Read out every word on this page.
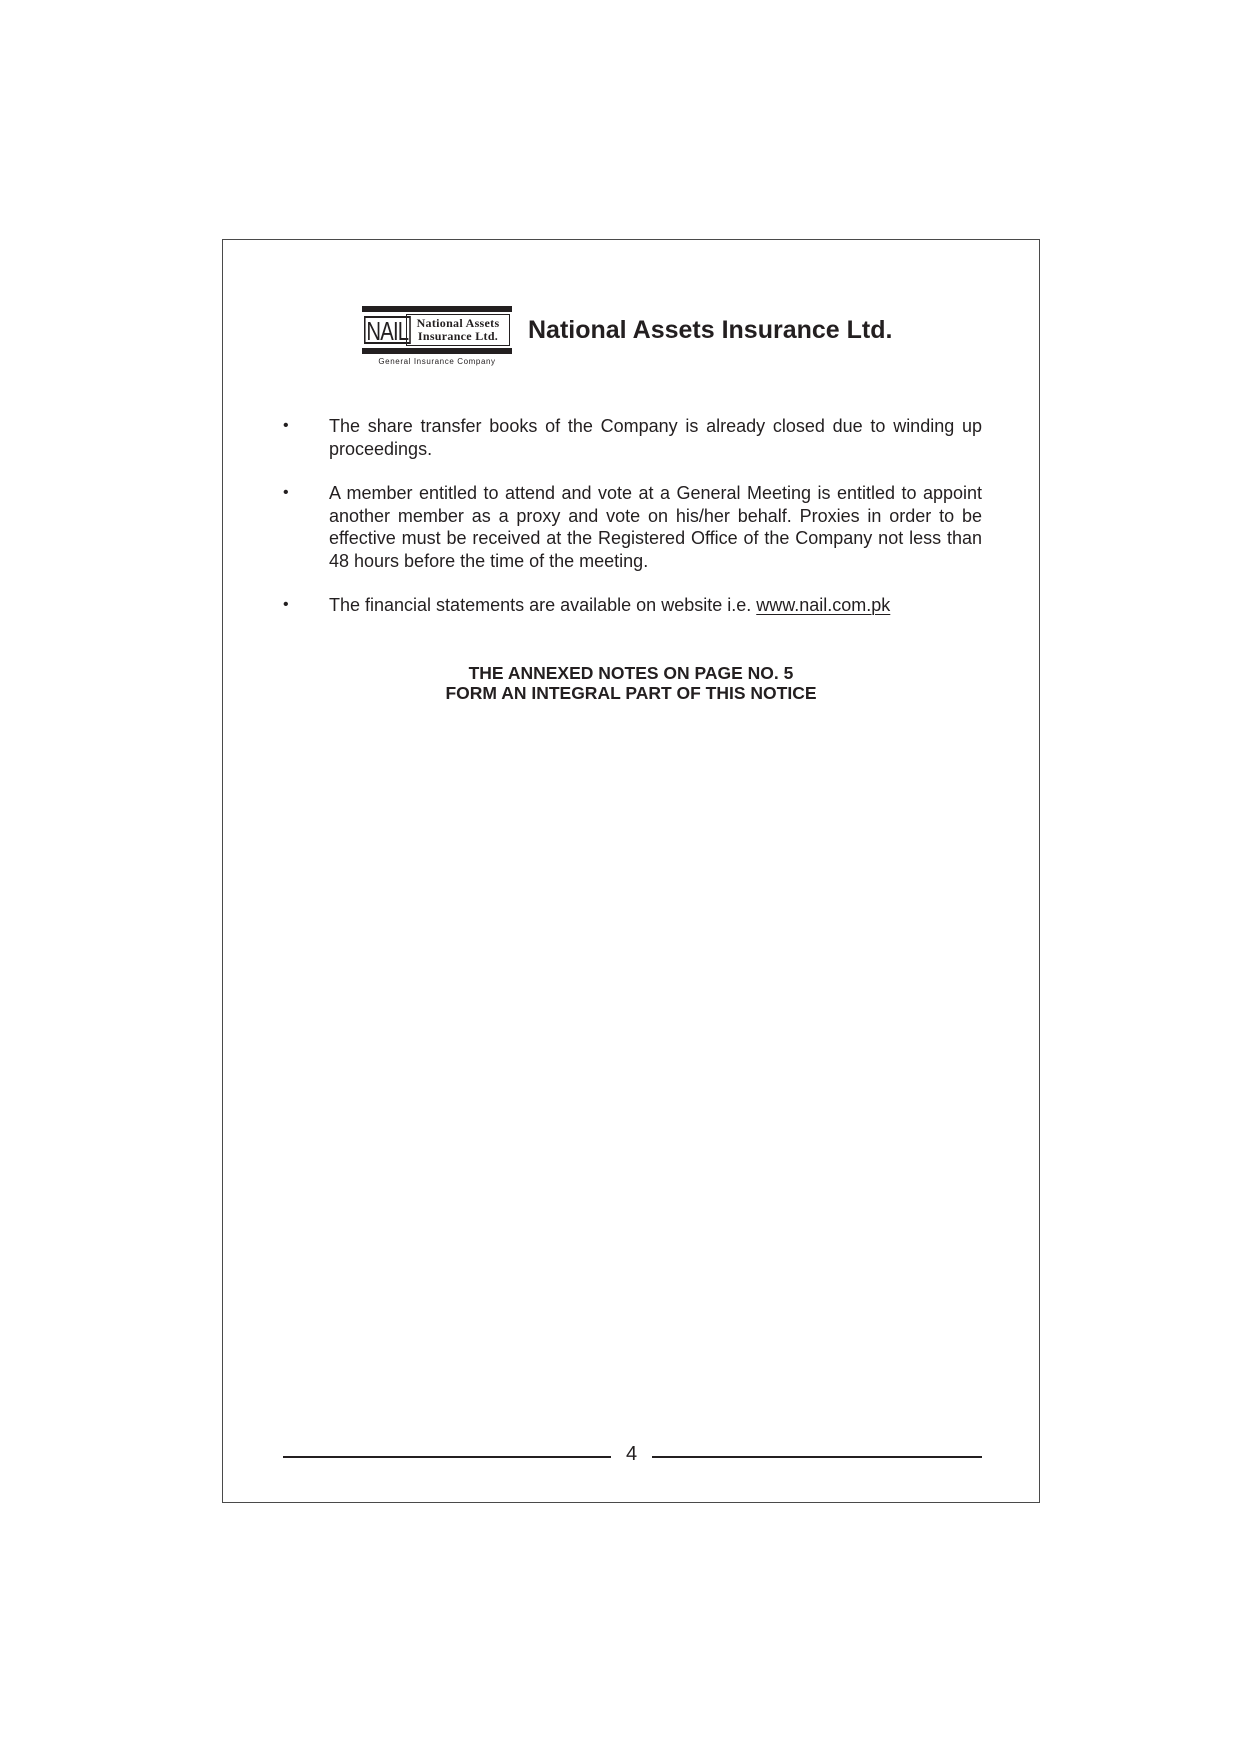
NAIL National Assets
Insurance Ltd.
General Insurance Company
National Assets Insurance Ltd.
• The share transfer books of the Company is already closed due to winding up proceedings.
• A member entitled to attend and vote at a General Meeting is entitled to appoint another member as a proxy and vote on his/her behalf. Proxies in order to be effective must be received at the Registered Office of the Company not less than 48 hours before the time of the meeting.
• The financial statements are available on website i.e. www.nail.com.pk
THE ANNEXED NOTES ON PAGE NO. 5
FORM AN INTEGRAL PART OF THIS NOTICE
4
